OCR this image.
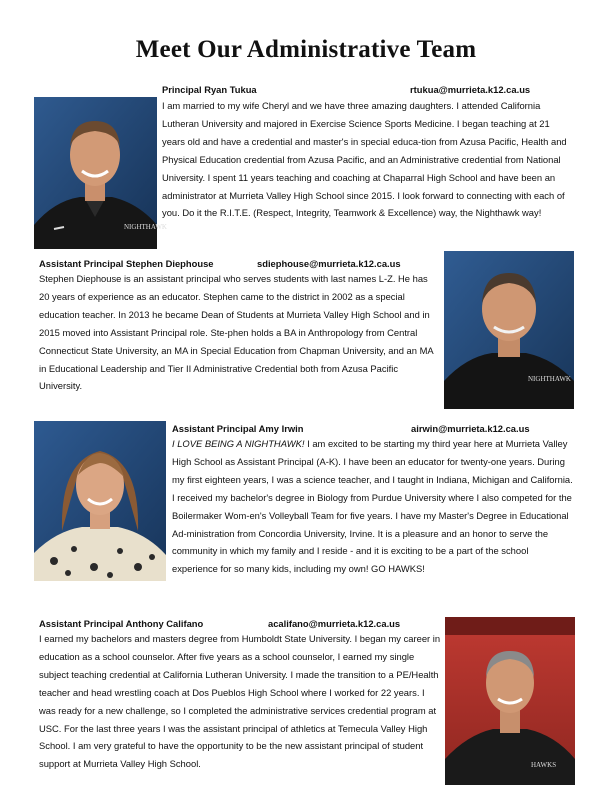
Meet Our Administrative Team
NIGHTHAWK
Principal Ryan Tukua	rtukua@murrieta.k12.ca.us

I am married to my wife Cheryl and we have three amazing daughters. I attended California Lutheran University and majored in Exercise Science Sports Medicine. I began teaching at 21 years old and have a credential and master's in special educa-tion from Azusa Pacific, Health and Physical Education credential from Azusa Pacific, and an Administrative credential from National University. I spent 11 years teaching and coaching at Chaparral High School and have been an administrator at Murrieta Valley High School since 2015. I look forward to connecting with each of you. Do it the R.I.T.E. (Respect, Integrity, Teamwork & Excellence) way, the Nighthawk way!

Assistant Principal Stephen Diephouse	sdiephouse@murrieta.k12.ca.us

Stephen Diephouse is an assistant principal who serves students with last names L-Z. He has 20 years of experience as an educator. Stephen came to the district in 2002 as a special education teacher. In 2013 he became Dean of Students at Murrieta Valley High School and in 2015 moved into Assistant Principal role. Ste-phen holds a BA in Anthropology from Central Connecticut State University, an MA in Special Education from Chapman University, and an MA in Educational Leadership and Tier II Administrative Credential both from Azusa Pacific University.

NIGHTHAWK
Assistant Principal Amy Irwin	airwin@murrieta.k12.ca.us

I LOVE BEING A NIGHTHAWK! I am excited to be starting my third year here at Murrieta Valley High School as Assistant Principal (A-K). I have been an educator for twenty-one years. During my first eighteen years, I was a science teacher, and I taught in Indiana, Michigan and California. I received my bachelor's degree in Biology from Purdue University where I also competed for the Boilermaker Wom-en's Volleyball Team for five years. I have my Master's Degree in Educational Ad-ministration from Concordia University, Irvine. It is a pleasure and an honor to serve the community in which my family and I reside - and it is exciting to be a part of the school experience for so many kids, including my own! GO HAWKS!

Assistant Principal Anthony Califano	acalifano@murrieta.k12.ca.us

I earned my bachelors and masters degree from Humboldt State University. I began my career in education as a school counselor. After five years as a school counselor, I earned my single subject teaching credential at California Lutheran University. I made the transition to a PE/Health teacher and head wrestling coach at Dos Pueblos High School where I worked for 22 years. I was ready for a new challenge, so I completed the administrative services credential program at USC. For the last three years I was the assistant principal of athletics at Temecula Valley High School. I am very grateful to have the opportunity to be the new assistant principal of student support at Murrieta Valley High School.	HAWKS
